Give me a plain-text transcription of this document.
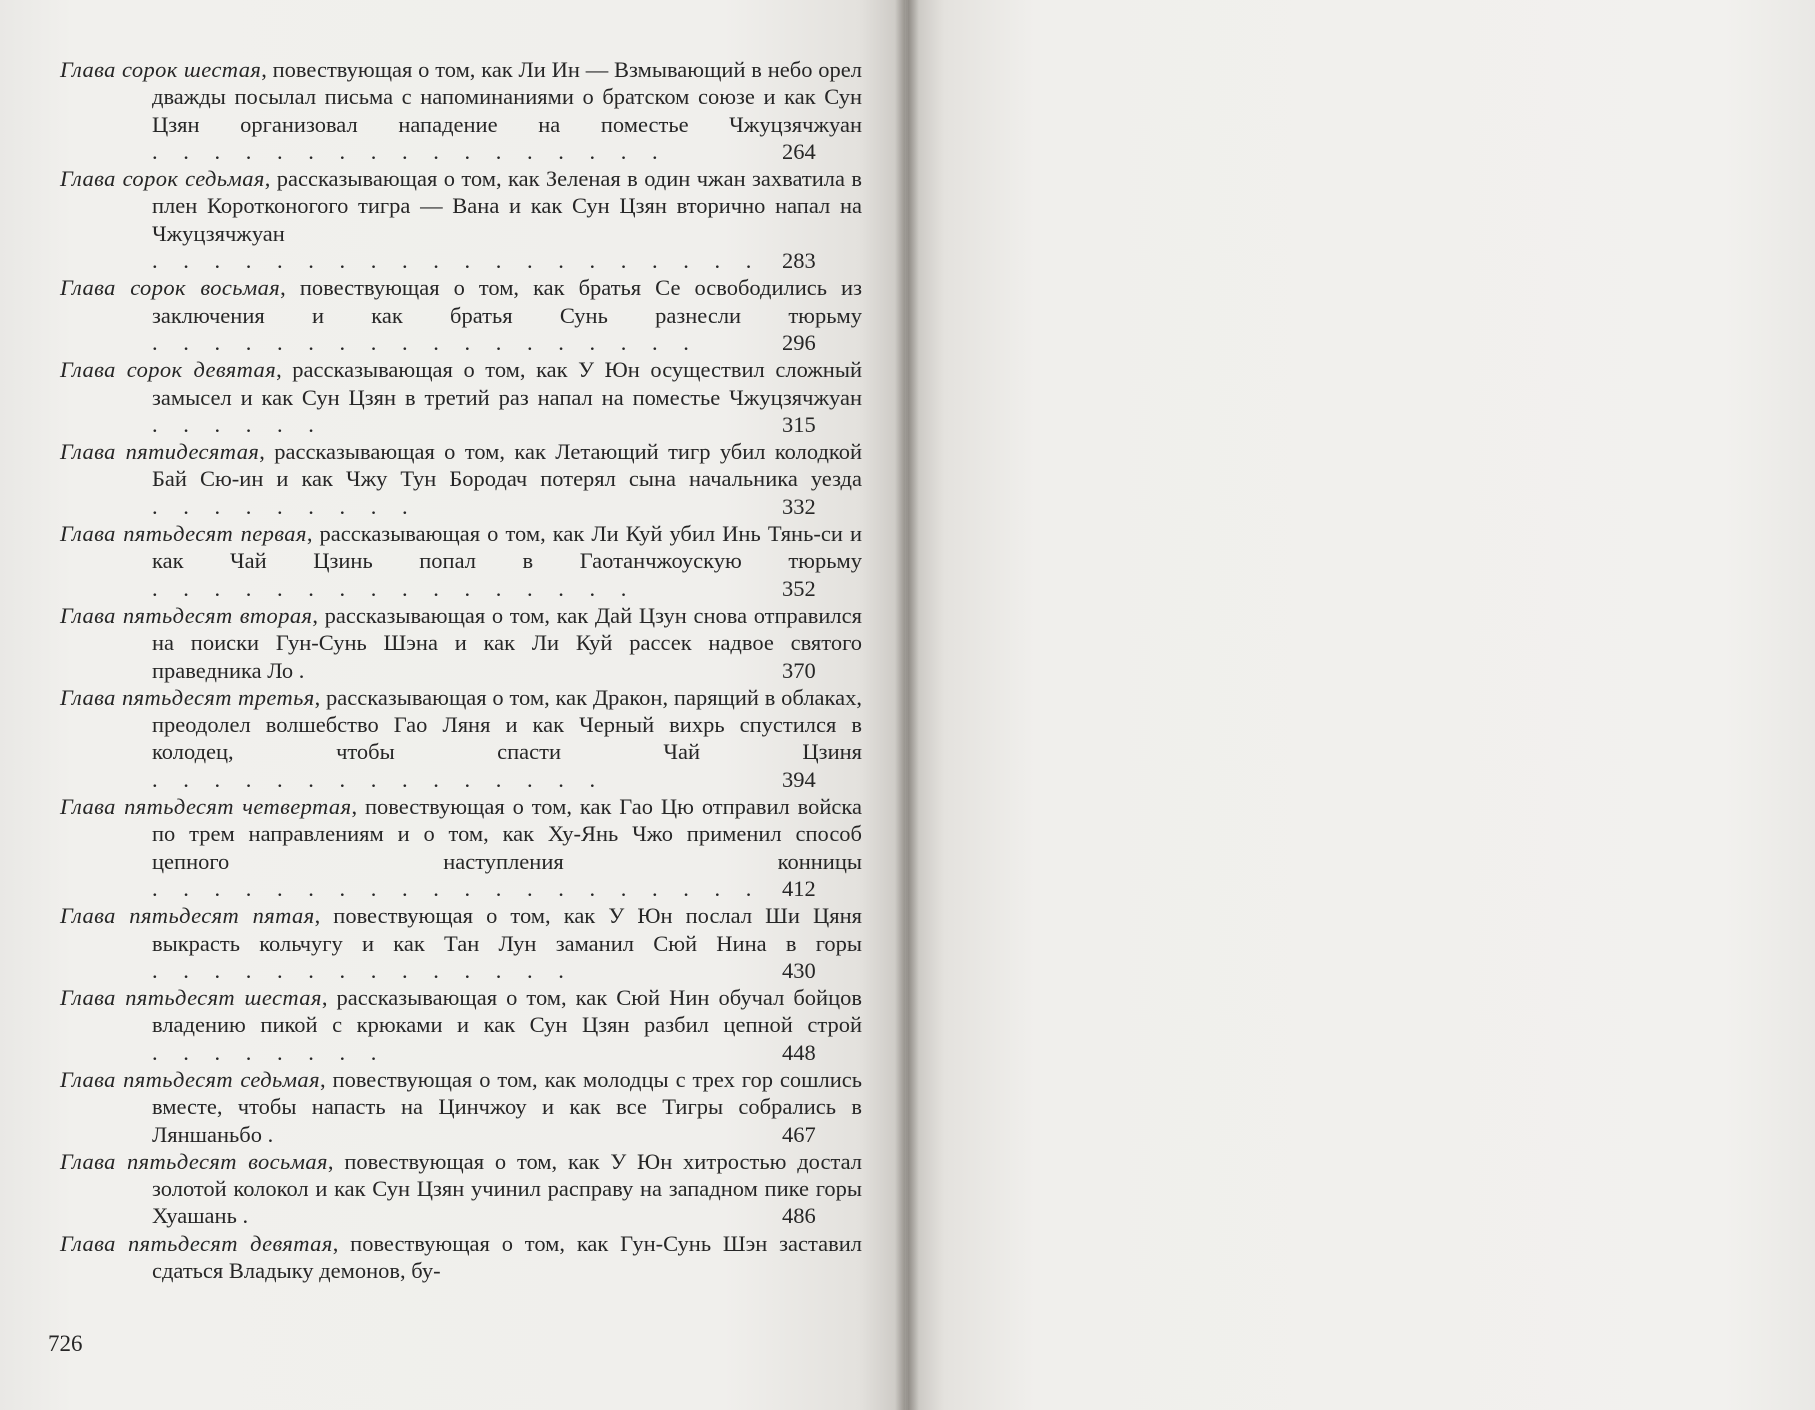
Глава сорок шестая, повествующая о том, как Ли Ин — Взмывающий в небо орел дважды посылал письма с напоминаниями о братском союзе и как Сун Цзян организовал нападение на поместье Чжуцзячжуан . . . . . . . . . . . . . . . . .	264
Глава сорок седьмая, рассказывающая о том, как Зеленая в один чжан захватила в плен Коротконогого тигра — Вана и как Сун Цзян вторично напал на Чжуцзячжуан . . . . . . . . . . . . . . . . . . . . 283
Глава сорок восьмая, повествующая о том, как братья Се освободились из заключения и как братья Сунь разнесли тюрьму . . . . . . . . . . . . . . . . . .	296
Глава сорок девятая, рассказывающая о том, как У Юн осуществил сложный замысел и как Сун Цзян в третий раз напал на поместье Чжуцзячжуан . . . . . .	315
Глава пятидесятая, рассказывающая о том, как Летающий тигр убил колодкой Бай Сю-ин и как Чжу Тун Бородач потерял сына начальника уезда . . . . . . . . .	332
Глава пятьдесят первая, рассказывающая о том, как Ли Куй убил Инь Тянь-си и как Чай Цзинь попал в Гаотанчжоускую тюрьму . . . . . . . . . . . . . . . .	352
Глава пятьдесят вторая, рассказывающая о том, как Дай Цзун снова отправился на поиски Гун-Сунь Шэна и как Ли Куй рассек надвое святого праведника Ло .	370
Глава пятьдесят третья, рассказывающая о том, как Дракон, парящий в облаках, преодолел волшебство Гао Ляня и как Черный вихрь спустился в колодец, чтобы спасти Чай Цзиня . . . . . . . . . . . . . . .	394
Глава пятьдесят четвертая, повествующая о том, как Гао Цю отправил войска по трем направлениям и о том, как Ху-Янь Чжо применил способ цепного наступления конницы . . . . . . . . . . . . . . . . . . . . 412
Глава пятьдесят пятая, повествующая о том, как У Юн послал Ши Цяня выкрасть кольчугу и как Тан Лун заманил Сюй Нина в горы . . . . . . . . . . . . . .	430
Глава пятьдесят шестая, рассказывающая о том, как Сюй Нин обучал бойцов владению пикой с крюками и как Сун Цзян разбил цепной строй . . . . . . . .	448
Глава пятьдесят седьмая, повествующая о том, как молодцы с трех гор сошлись вместе, чтобы напасть на Цинчжоу и как все Тигры собрались в Ляншаньбо .	467
Глава пятьдесят восьмая, повествующая о том, как У Юн хитростью достал золотой колокол и как Сун Цзян учинил расправу на западном пике горы Хуашань .	486
Глава пятьдесят девятая, повествующая о том, как Гун-Сунь Шэн заставил сдаться Владыку демонов, бу-
726
